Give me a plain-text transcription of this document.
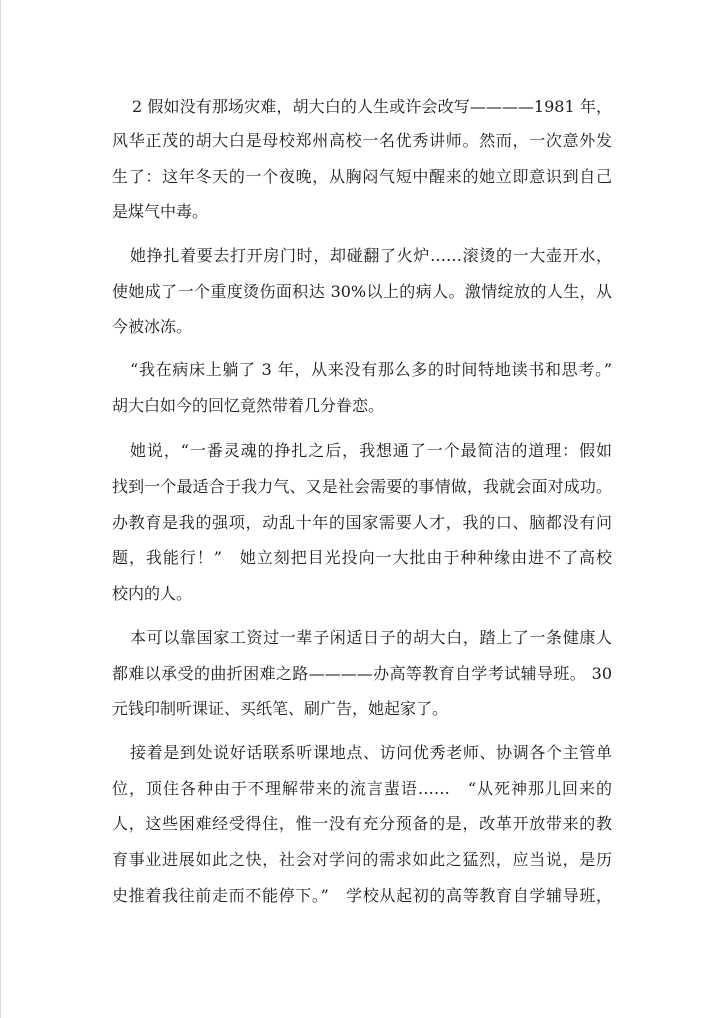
2 假如没有那场灾难，胡大白的人生或许会改写————1981 年，
风华正茂的胡大白是母校郑州高校一名优秀讲师。然而，一次意外发
生了：这年冬天的一个夜晚，从胸闷气短中醒来的她立即意识到自己
是煤气中毒。
她挣扎着要去打开房门时，却碰翻了火炉……滚烫的一大壶开水，
使她成了一个重度烫伤面积达 30%以上的病人。激情绽放的人生，从
今被冰冻。
“我在病床上躺了 3 年，从来没有那么多的时间特地读书和思考。”
胡大白如今的回忆竟然带着几分眷恋。
她说，“一番灵魂的挣扎之后，我想通了一个最简洁的道理：假如
找到一个最适合于我力气、又是社会需要的事情做，我就会面对成功。
办教育是我的强项，动乱十年的国家需要人才，我的口、脑都没有问
题，我能行！”　她立刻把目光投向一大批由于种种缘由进不了高校
校内的人。
本可以靠国家工资过一辈子闲适日子的胡大白，踏上了一条健康人
都难以承受的曲折困难之路————办高等教育自学考试辅导班。 30
元钱印制听课证、买纸笔、刷广告，她起家了。
接着是到处说好话联系听课地点、访问优秀老师、协调各个主管单
位，顶住各种由于不理解带来的流言蜚语……　“从死神那儿回来的
人，这些困难经受得住，惟一没有充分预备的是，改革开放带来的教
育事业进展如此之快，社会对学问的需求如此之猛烈，应当说，是历
史推着我往前走而不能停下。”　学校从起初的高等教育自学辅导班，
